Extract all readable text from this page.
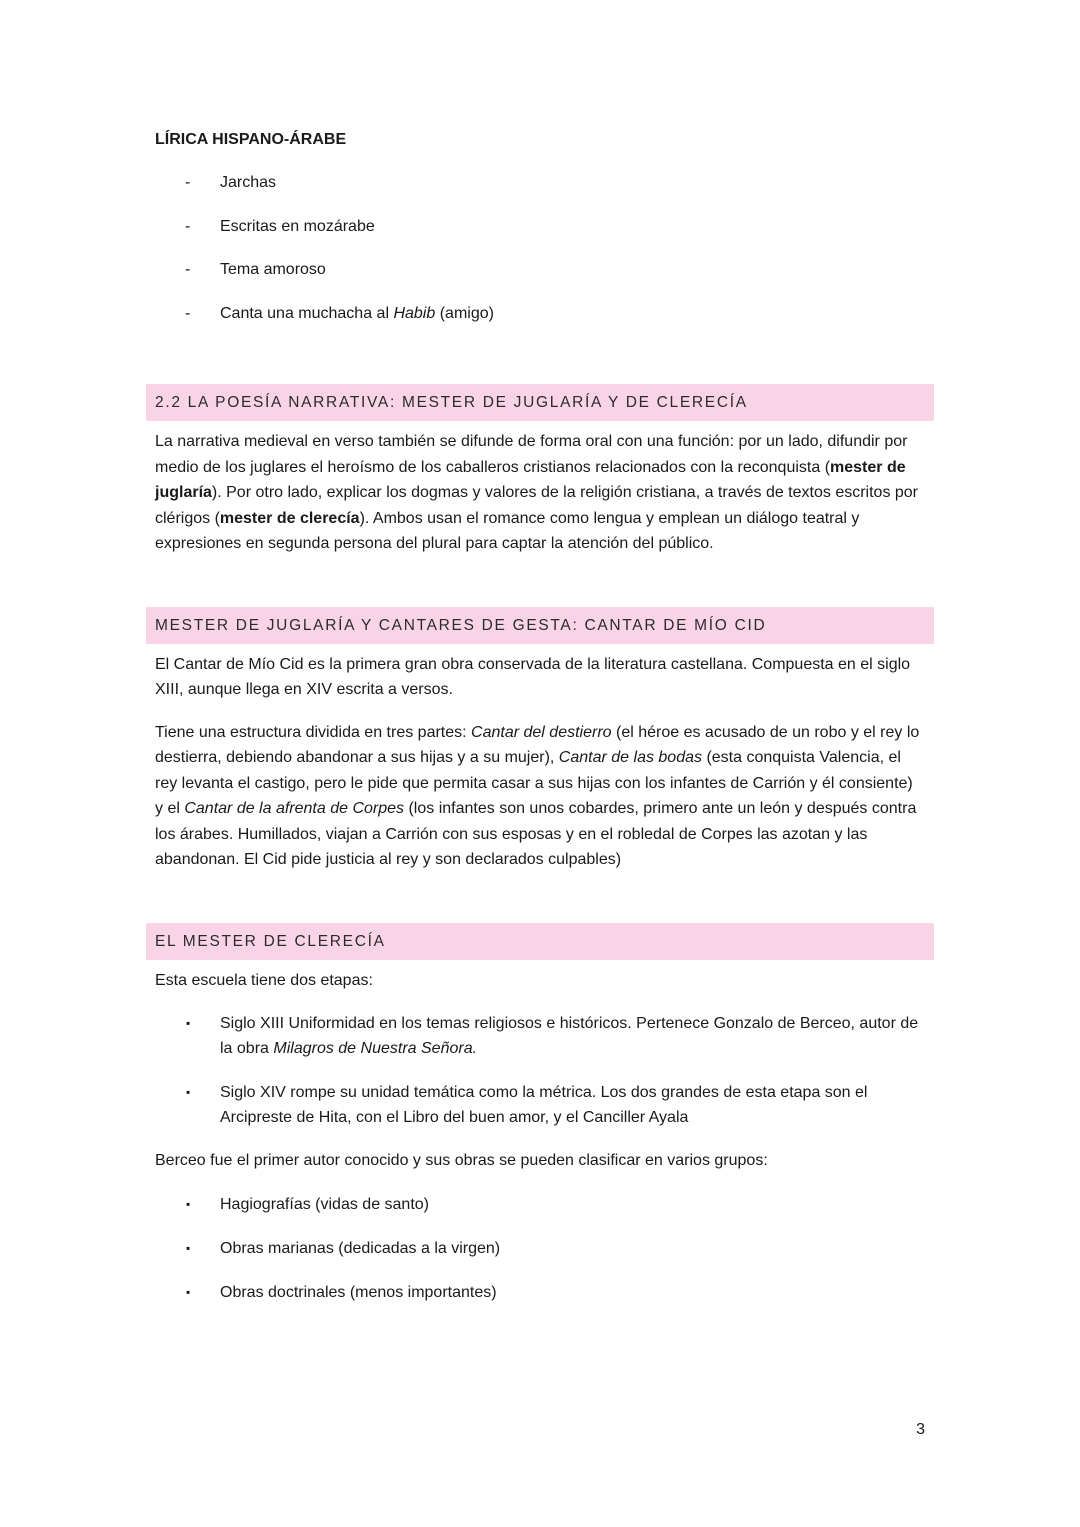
LÍRICA HISPANO-ÁRABE
- Jarchas
- Escritas en mozárabe
- Tema amoroso
- Canta una muchacha al Habib (amigo)
2.2 LA POESÍA NARRATIVA: MESTER DE JUGLARÍA Y DE CLERECÍA

La narrativa medieval en verso también se difunde de forma oral con una función: por un lado, difundir por medio de los juglares el heroísmo de los caballeros cristianos relacionados con la reconquista (mester de juglaría). Por otro lado, explicar los dogmas y valores de la religión cristiana, a través de textos escritos por clérigos (mester de clerecía). Ambos usan el romance como lengua y emplean un diálogo teatral y expresiones en segunda persona del plural para captar la atención del público.

MESTER DE JUGLARÍA Y CANTARES DE GESTA: CANTAR DE MÍO CID

El Cantar de Mío Cid es la primera gran obra conservada de la literatura castellana. Compuesta en el siglo XIII, aunque llega en XIV escrita a versos.

Tiene una estructura dividida en tres partes: Cantar del destierro (el héroe es acusado de un robo y el rey lo destierra, debiendo abandonar a sus hijas y a su mujer), Cantar de las bodas (esta conquista Valencia, el rey levanta el castigo, pero le pide que permita casar a sus hijas con los infantes de Carrión y él consiente) y el Cantar de la afrenta de Corpes (los infantes son unos cobardes, primero ante un león y después contra los árabes. Humillados, viajan a Carrión con sus esposas y en el robledal de Corpes las azotan y las abandonan. El Cid pide justicia al rey y son declarados culpables)

EL MESTER DE CLERECÍA

Esta escuela tiene dos etapas:

▪ Siglo XIII Uniformidad en los temas religiosos e históricos. Pertenece Gonzalo de Berceo, autor de la obra Milagros de Nuestra Señora.
▪ Siglo XIV rompe su unidad temática como la métrica. Los dos grandes de esta etapa son el Arcipreste de Hita, con el Libro del buen amor, y el Canciller Ayala

Berceo fue el primer autor conocido y sus obras se pueden clasificar en varios grupos:

▪ Hagiografías (vidas de santo)
▪ Obras marianas (dedicadas a la virgen)
▪ Obras doctrinales (menos importantes)
3
